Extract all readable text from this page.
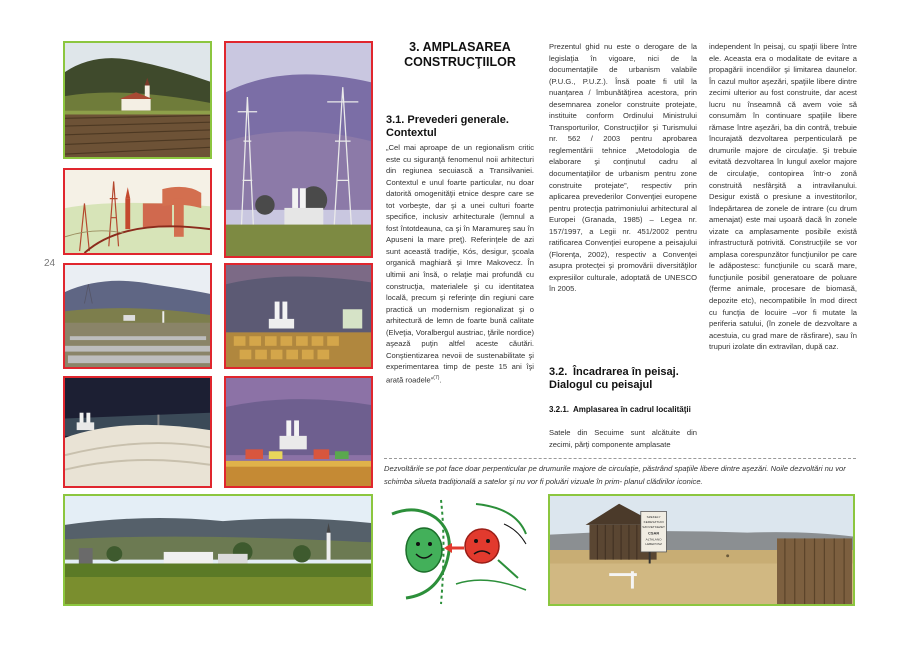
24
3. AMPLASAREA CONSTRUCŢIILOR
3.1. Prevederi generale. Contextul

„Cel mai aproape de un regionalism critic este cu siguranţă fenomenul noii arhitecturi din regiunea secuiască a Transilvaniei. Contextul e unul foarte particular, nu doar datorită omogenităţii etnice despre care se tot vorbeşte, dar şi a unei culturi foarte specifice, inclusiv arhitecturale (lemnul a fost întotdeauna, ca şi în Maramureş sau în Apuseni la mare preţ). Referinţele de azi sunt această tradiţie, Kós, desigur, şcoala organică maghiară şi Imre Makovecz. În ultimii ani însă, o relaţie mai profundă cu construcţia, materialele şi cu identitatea locală, precum şi referinţe din regiuni care practică un modernism regionalizat şi o arhitectură de lemn de foarte bună calitate (Elveţia, Voralbergul austriac, ţările nordice) aşează puţin altfel aceste căutări. Conştientizarea nevoii de sustenabilitate şi experimentarea timp de peste 15 ani îşi arată roadele”$^{(7)}$.

Prezentul ghid nu este o derogare de la legislaţia în vigoare, nici de la documentaţiile de urbanism valabile (P.U.G., P.U.Z.). Însă poate fi util la nuanţarea / îmbunătăţirea acestora, prin desemnarea zonelor construite protejate, instituite conform Ordinului Ministrului Transporturilor, Construcţiilor şi Turismului nr. 562 / 2003 pentru aprobarea reglementării tehnice „Metodologia de elaborare şi conţinutul cadru al documentaţiilor de urbanism pentru zone construite protejate”, respectiv prin aplicarea prevederilor Convenţiei europene pentru protecţia patrimoniului arhitectural al Europei (Granada, 1985) – Legea nr. 157/1997, a Legii nr. 451/2002 pentru ratificarea Convenţiei europene a peisajului (Florenţa, 2002), respectiv a Convenţei asupra protecţei şi promovării diversităţilor expresiilor culturale, adoptată de UNESCO în 2005.

3.2. Încadrarea în peisaj. Dialogul cu peisajul
3.2.1. Amplasarea în cadrul localităţii

Satele din Secuime sunt alcătuite din zecimi, părţi componente amplasate

independent în peisaj, cu spaţii libere între ele. Aceasta era o modalitate de evitare a propagării incendiilor şi limitarea daunelor. În cazul multor aşezări, spaţiile libere dintre zecimi ulterior au fost construite, dar acest lucru nu înseamnă că avem voie să consumăm în continuare spaţiile libere rămase între aşezări, ba din contră, trebuie încurajată dezvoltarea perpenticulară pe drumurile majore de circulaţie. Şi trebuie evitată dezvoltarea în lungul axelor majore de circulaţie, contopirea într-o zonă construită nesfârşită a intravilanului. Desigur există o presiune a investitorilor, îndepărtarea de zonele de intrare (cu drum amenajat) este mai uşoară dacă în zonele vizate ca amplasamente posibile există infrastructură potrivită. Construcţiile se vor amplasa corespunzător funcţiunilor pe care le adăpostesc: funcţiunile cu scară mare, funcţiunile posibil generatoare de poluare (ferme animale, procesare de biomasă, depozite etc), necompatibile în mod direct cu funcţia de locuire –vor fi mutate la periferia satului, (în zonele de dezvoltare a acestuia, cu grad mare de răsfirare), sau în trupuri izolate din extravilan, după caz.

Dezvoltările se pot face doar perpenticular pe drumurile majore de circulaţie, păstrând spaţiile libere dintre aşezări. Noile dezvoltări nu vor schimba silueta tradiţională a satelor şi nu vor fi poluări vizuale în prim- planul clădirilor iconice.
SZEKELY
KERESZTURI
SZOVETKEZET
CSAR
ALTALANO
LEBEPOSZ
